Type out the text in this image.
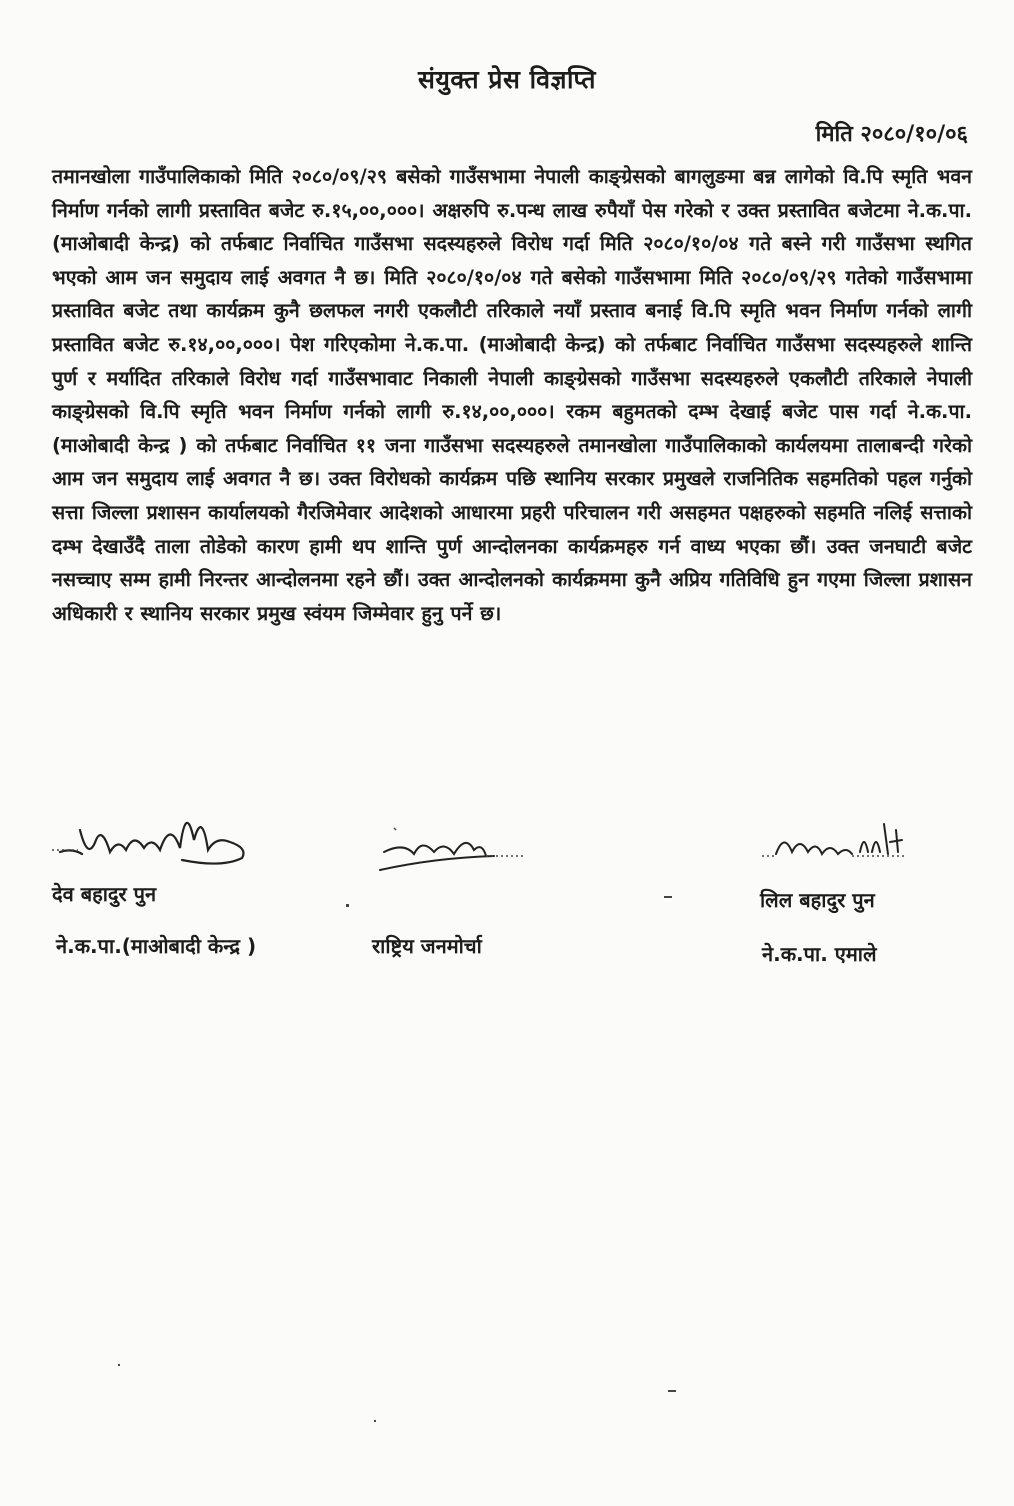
संयुक्त प्रेस विज्ञप्ति
मिति २०८०/१०/०६
तमानखोला गाउँपालिकाको मिति २०८०/०९/२९ बसेको गाउँसभामा नेपाली काङ्ग्रेसको बागलुङमा बन्न लागेको वि.पि स्मृति भवन निर्माण गर्नको लागी प्रस्तावित बजेट रु.१५,००,०००। अक्षरुपि रु.पन्ध लाख रुपैयाँ पेस गरेको र उक्त प्रस्तावित बजेटमा ने.क.पा. (माओबादी केन्द्र) को तर्फबाट निर्वाचित गाउँसभा सदस्यहरुले विरोध गर्दा मिति २०८०/१०/०४ गते बस्ने गरी गाउँसभा स्थगित भएको आम जन समुदाय लाई अवगत नै छ। मिति २०८०/१०/०४ गते बसेको गाउँसभामा मिति २०८०/०९/२९ गतेको गाउँसभामा प्रस्तावित बजेट तथा कार्यक्रम कुनै छलफल नगरी एकलौटी तरिकाले नयाँ प्रस्ताव बनाई वि.पि स्मृति भवन निर्माण गर्नको लागी प्रस्तावित बजेट रु.१४,००,०००। पेश गरिएकोमा ने.क.पा. (माओबादी केन्द्र) को तर्फबाट निर्वाचित गाउँसभा सदस्यहरुले शान्ति पुर्ण र मर्यादित तरिकाले विरोध गर्दा गाउँसभावाट निकाली नेपाली काङ्ग्रेसको गाउँसभा सदस्यहरुले एकलौटी तरिकाले नेपाली काङ्ग्रेसको वि.पि स्मृति भवन निर्माण गर्नको लागी रु.१४,००,०००। रकम बहुमतको दम्भ देखाई बजेट पास गर्दा ने.क.पा. (माओबादी केन्द्र ) को तर्फबाट निर्वाचित ११ जना गाउँसभा सदस्यहरुले तमानखोला गाउँपालिकाको कार्यलयमा तालाबन्दी गरेको आम जन समुदाय लाई अवगत नै छ। उक्त विरोधको कार्यक्रम पछि स्थानिय सरकार प्रमुखले राजनितिक सहमतिको पहल गर्नुको सत्ता जिल्ला प्रशासन कार्यालयको गैरजिमेवार आदेशको आधारमा प्रहरी परिचालन गरी असहमत पक्षहरुको सहमति नलिई सत्ताको दम्भ देखाउँदै ताला तोडेको कारण हामी थप शान्ति पुर्ण आन्दोलनका कार्यक्रमहरु गर्न वाध्य भएका छौं। उक्त जनघाटी बजेट नसच्चाए सम्म हामी निरन्तर आन्दोलनमा रहने छौं। उक्त आन्दोलनको कार्यक्रममा कुनै अप्रिय गतिविधि हुन गएमा जिल्ला प्रशासन अधिकारी र स्थानिय सरकार प्रमुख स्वंयम जिम्मेवार हुनु पर्ने छ।
देव बहादुर पुन
ने.क.पा.(माओबादी केन्द्र )	राष्ट्रिय जनमोर्चा
लिल बहादुर पुन
ने.क.पा. एमाले
